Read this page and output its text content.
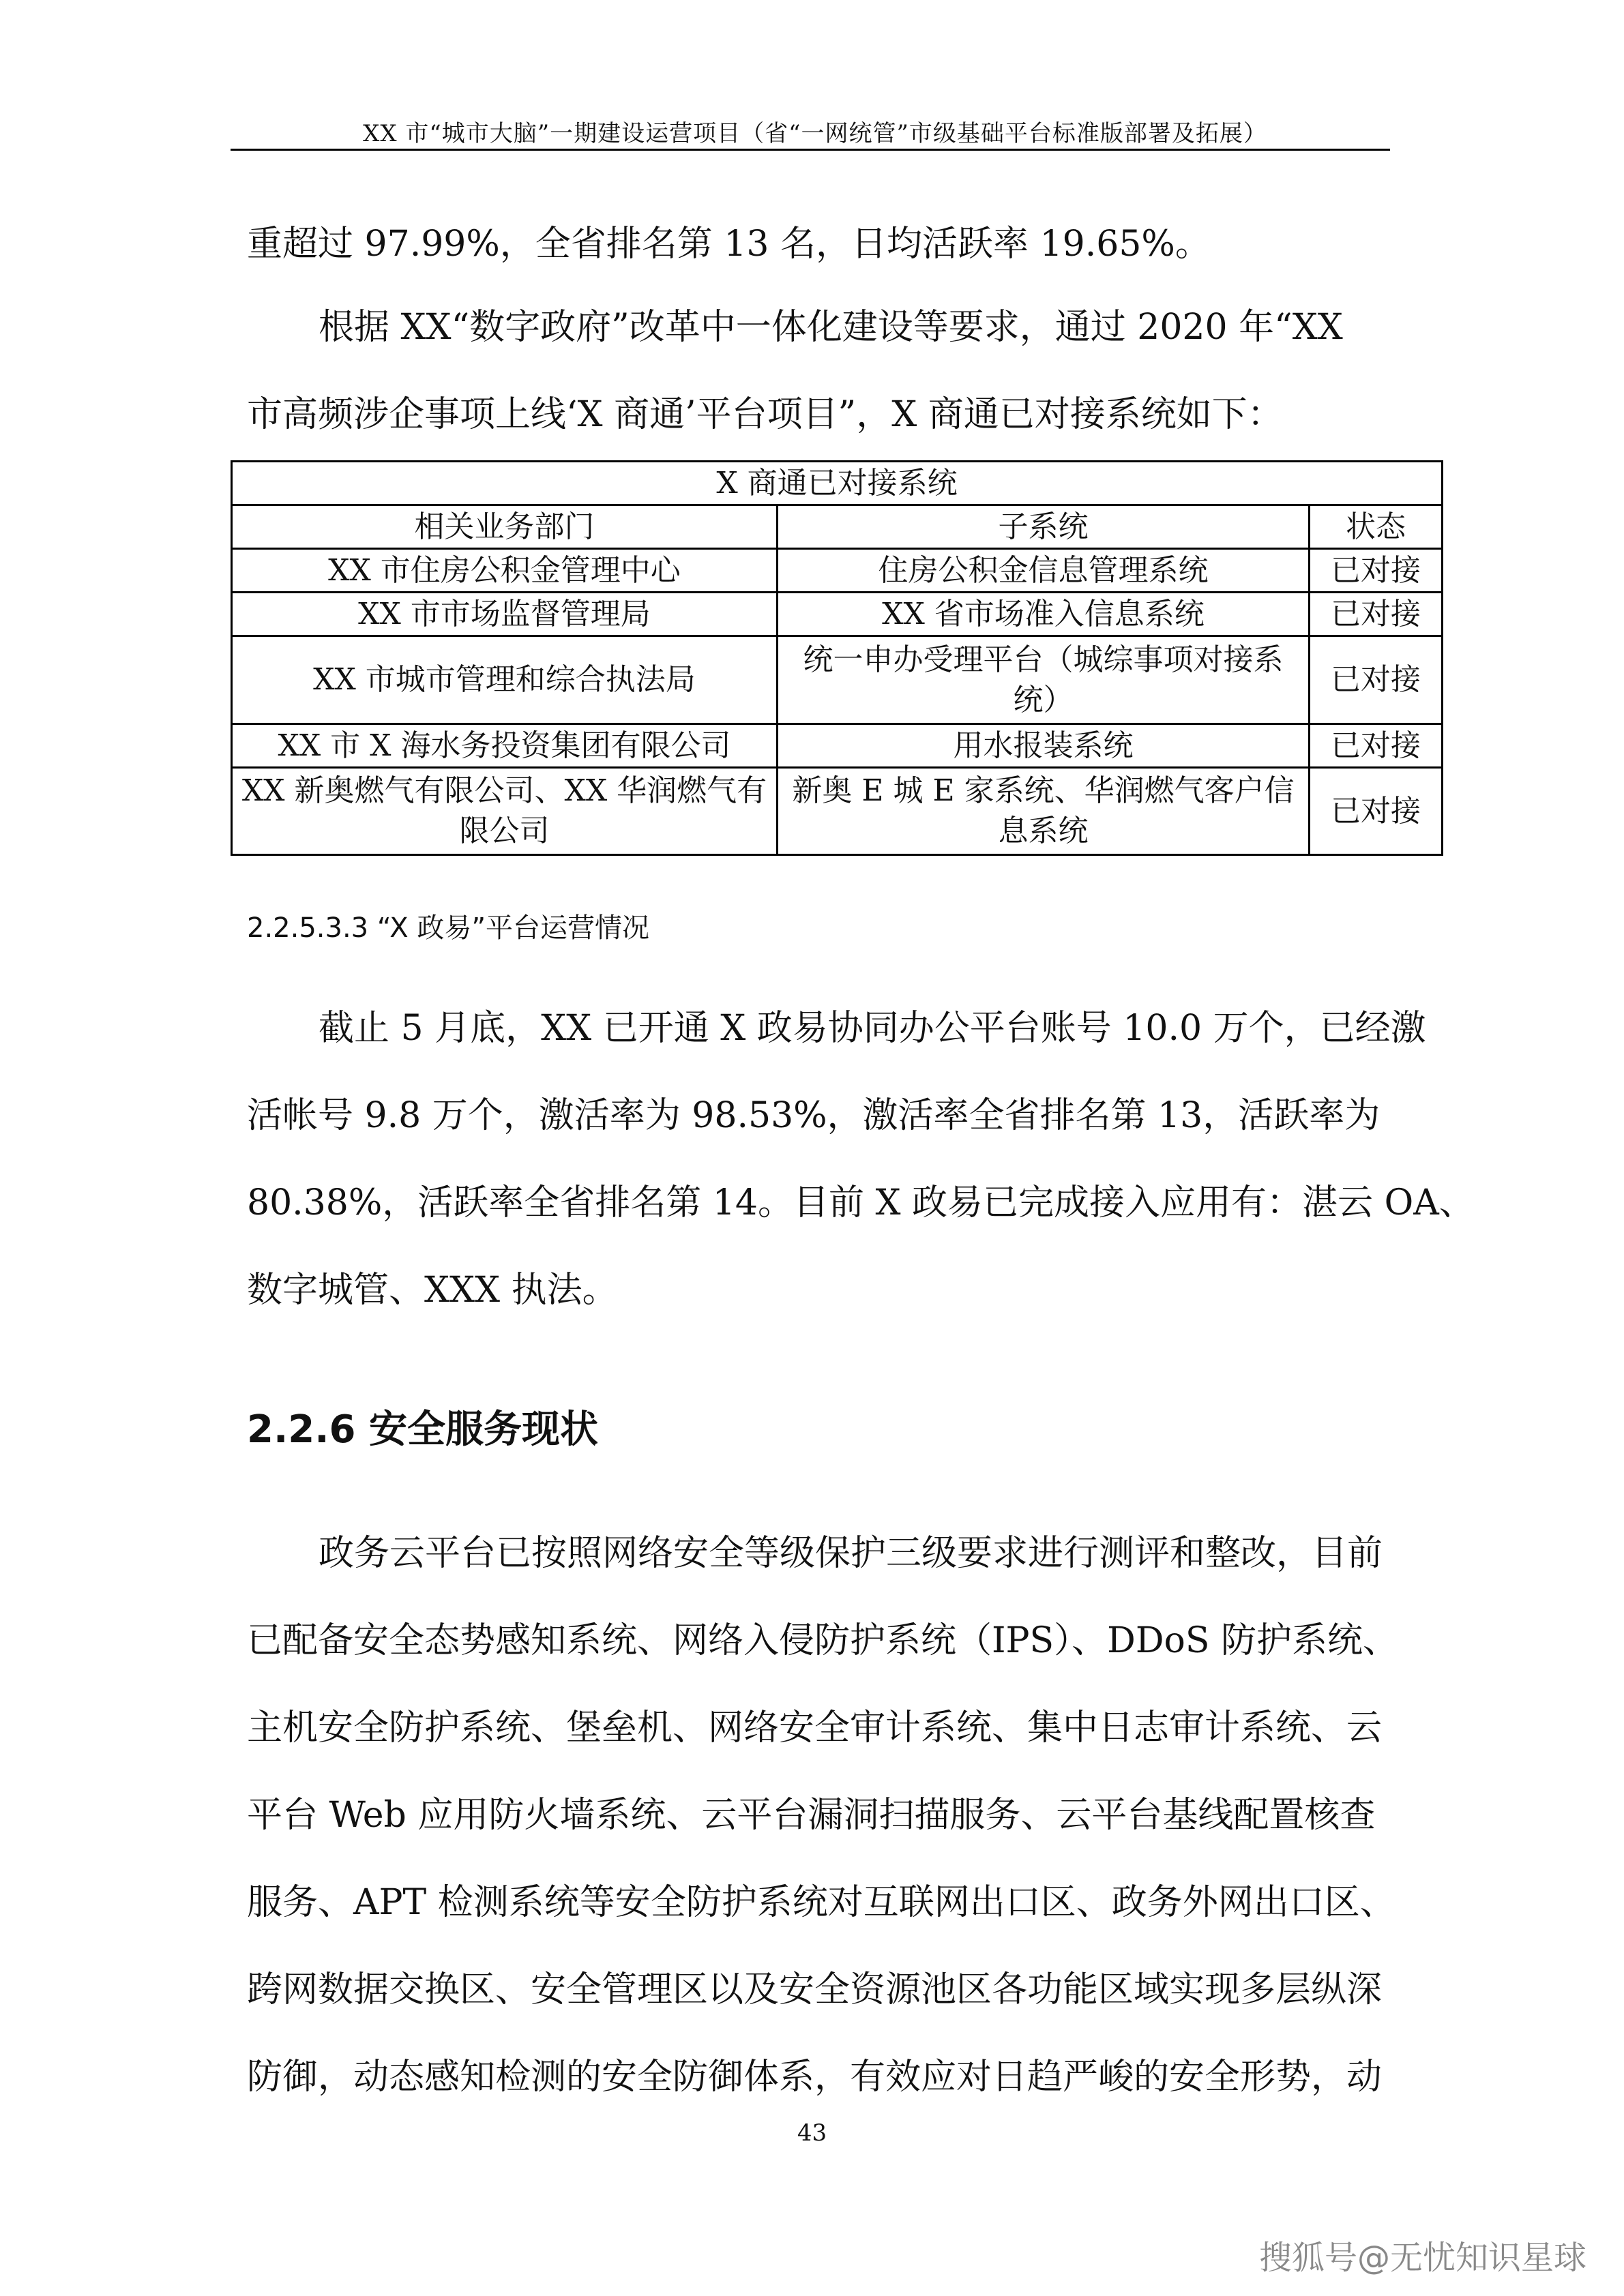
XX 市“城市大脑”一期建设运营项目（省“一网统管”市级基础平台标准版部署及拓展）
重超过 97.99%，全省排名第 13 名，日均活跃率 19.65%。
根据 XX“数字政府”改革中一体化建设等要求，通过 2020 年“XX
市高频涉企事项上线‘X 商通’平台项目”，X 商通已对接系统如下：
X 商通已对接系统		
相关业务部门	子系统	状态
XX 市住房公积金管理中心	住房公积金信息管理系统	已对接
XX 市市场监督管理局	XX 省市场准入信息系统	已对接
XX 市城市管理和综合执法局	统一申办受理平台（城综事项对接系统）	已对接
XX 市 X 海水务投资集团有限公司	用水报装系统	已对接
XX 新奥燃气有限公司、XX 华润燃气有限公司	新奥 E 城 E 家系统、华润燃气客户信息系统	已对接
2.2.5.3.3 “X 政易”平台运营情况
截止 5 月底，XX 已开通 X 政易协同办公平台账号 10.0 万个，已经激
活帐号 9.8 万个，激活率为 98.53%，激活率全省排名第 13，活跃率为
80.38%，活跃率全省排名第 14。目前 X 政易已完成接入应用有：湛云 OA、
数字城管、XXX 执法。
2.2.6 安全服务现状
政务云平台已按照网络安全等级保护三级要求进行测评和整改，目前
已配备安全态势感知系统、网络入侵防护系统（IPS）、DDoS 防护系统、
主机安全防护系统、堡垒机、网络安全审计系统、集中日志审计系统、云
平台 Web 应用防火墙系统、云平台漏洞扫描服务、云平台基线配置核查
服务、APT 检测系统等安全防护系统对互联网出口区、政务外网出口区、
跨网数据交换区、安全管理区以及安全资源池区各功能区域实现多层纵深
防御，动态感知检测的安全防御体系，有效应对日趋严峻的安全形势，动
43
搜狐号@无忧知识星球
